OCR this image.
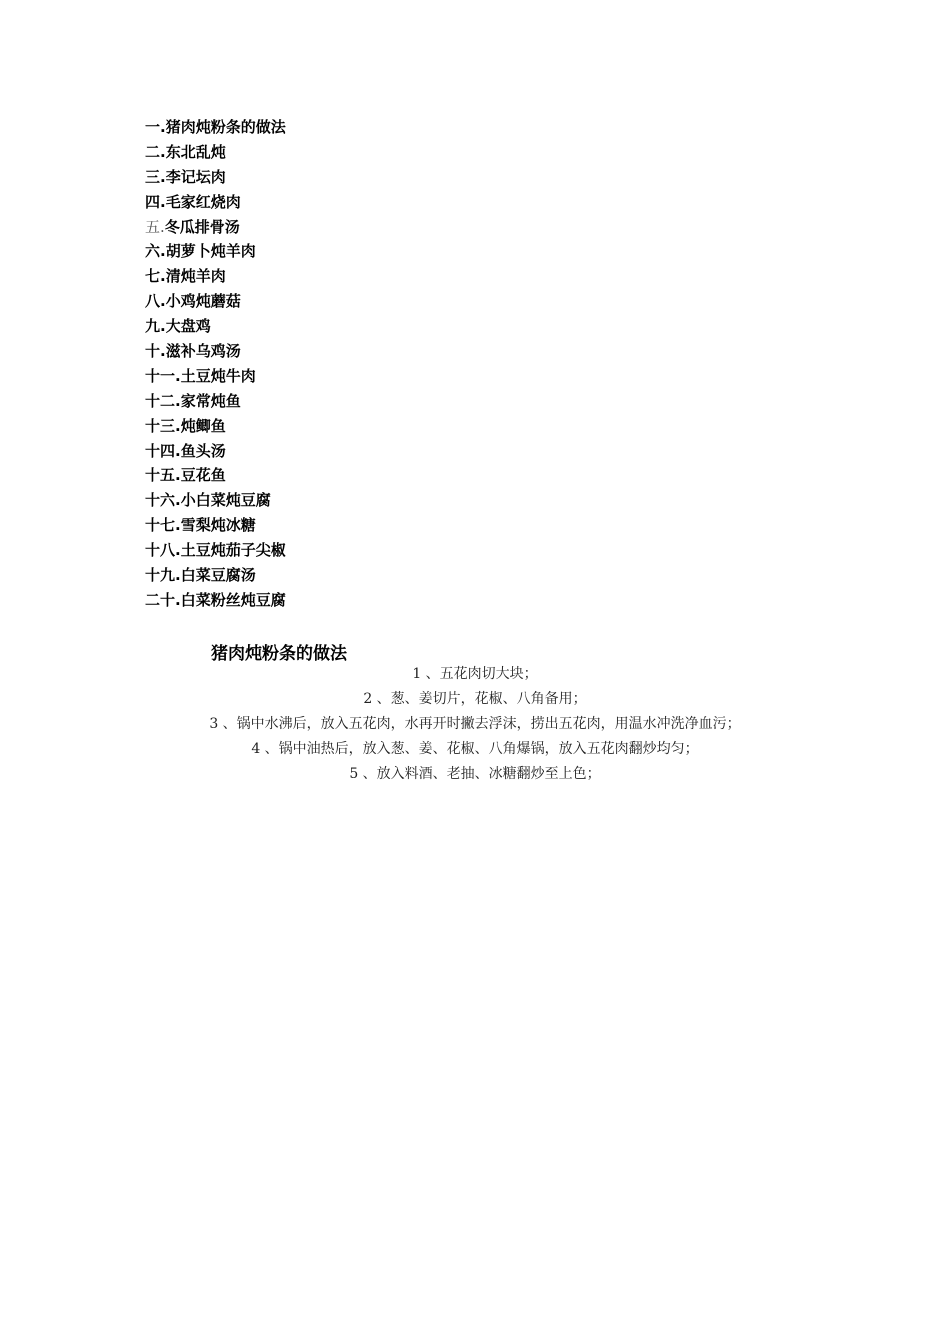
一.猪肉炖粉条的做法
二.东北乱炖
三.李记坛肉
四.毛家红烧肉
五.冬瓜排骨汤
六.胡萝卜炖羊肉
七.清炖羊肉
八.小鸡炖蘑菇
九.大盘鸡
十.滋补乌鸡汤
十一.土豆炖牛肉
十二.家常炖鱼
十三.炖鲫鱼
十四.鱼头汤
十五.豆花鱼
十六.小白菜炖豆腐
十七.雪梨炖冰糖
十八.土豆炖茄子尖椒
十九.白菜豆腐汤
二十.白菜粉丝炖豆腐
猪肉炖粉条的做法
1 、五花肉切大块；
2 、葱、姜切片，花椒、八角备用；
3 、锅中水沸后，放入五花肉，水再开时撇去浮沫，捞出五花肉，用温水冲洗净血污；
4 、锅中油热后，放入葱、姜、花椒、八角爆锅，放入五花肉翻炒均匀；
5 、放入料酒、老抽、冰糖翻炒至上色；
